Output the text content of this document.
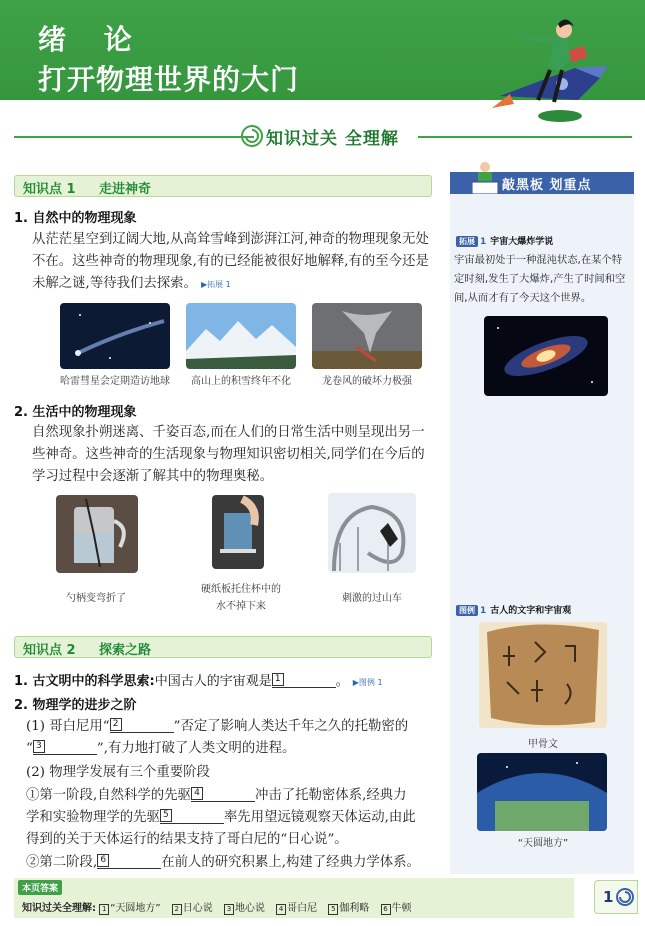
绪 论
打开物理世界的大门
知识过关 全理解
知识点 1 走进神奇
1. 自然中的物理现象
从茫茫星空到辽阔大地,从高耸雪峰到澎湃江河,神奇的物理现象无处不在。这些神奇的物理现象,有的已经能被很好地解释,有的至今还是未解之谜,等待我们去探索。 ▶拓展 1
哈雷彗星会定期造访地球	高山上的积雪终年不化	龙卷风的破坏力极强
2. 生活中的物理现象
自然现象扑朔迷离、千姿百态,而在人们的日常生活中则呈现出另一些神奇。这些神奇的生活现象与物理知识密切相关,同学们在今后的学习过程中会逐渐了解其中的物理奥秘。
勺柄变弯折了
硬纸板托住杯中的
水不掉下来
刺激的过山车
知识点 2 探索之路
1. 古文明中的科学思索:中国古人的宇宙观是 1	。 ▶图例 1
2. 物理学的进步之阶
(1) 哥白尼用“ 2	”否定了影响人类达千年之久的托勒密的
“ 3	”,有力地打破了人类文明的进程。
(2) 物理学发展有三个重要阶段
①第一阶段,自然科学的先驱 4	冲击了托勒密体系,经典力
学和实验物理学的先驱 5	率先用望远镜观察天体运动,由此
得到的关于天体运行的结果支持了哥白尼的“日心说”。
②第二阶段, 6	在前人的研究积累上,构建了经典力学体系。
敲黑板 划重点
拓展 1 宇宙大爆炸学说
宇宙最初处于一种混沌状态,在某个特定时刻,发生了大爆炸,产生了时间和空间,从而才有了今天这个世界。
图例 1 古人的文字和宇宙观
甲骨文
“天圆地方”
本页答案
知识过关全理解: 1 “天圆地方” 2 日心说 3 地心说 4 哥白尼 5 伽利略 6 牛顿
1
